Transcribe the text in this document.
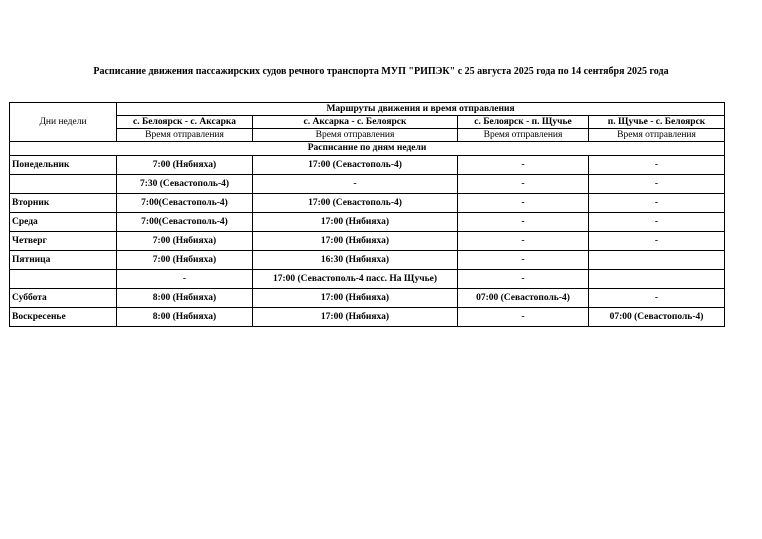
Расписание движения пассажирских судов речного транспорта МУП "РИПЭК" с 25 августа 2025 года по 14 сентября 2025 года
Дни недели	Маршруты движения и время отправления			
	с. Белоярск - с. Аксарка	с. Аксарка - с. Белоярск	с. Белоярск - п. Щучье	п. Щучье - с. Белоярск
	Время отправления	Время отправления	Время отправления	Время отправления
Расписание по дням недели				
Понедельник	7:00 (Нябияха)	17:00 (Севастополь-4)	-	-
	7:30 (Севастополь-4)	-	-	-
Вторник	7:00(Севастополь-4)	17:00 (Севастополь-4)	-	-
Среда	7:00(Севастополь-4)	17:00 (Нябияха)	-	-
Четверг	7:00 (Нябияха)	17:00 (Нябияха)	-	-
Пятница	7:00 (Нябияха)	16:30 (Нябияха)	-	
	-	17:00 (Севастополь-4 пасс. На Щучье)	-	
Суббота	8:00 (Нябияха)	17:00 (Нябияха)	07:00 (Севастополь-4)	-
Воскресенье	8:00 (Нябияха)	17:00 (Нябияха)	-	07:00 (Севастополь-4)
